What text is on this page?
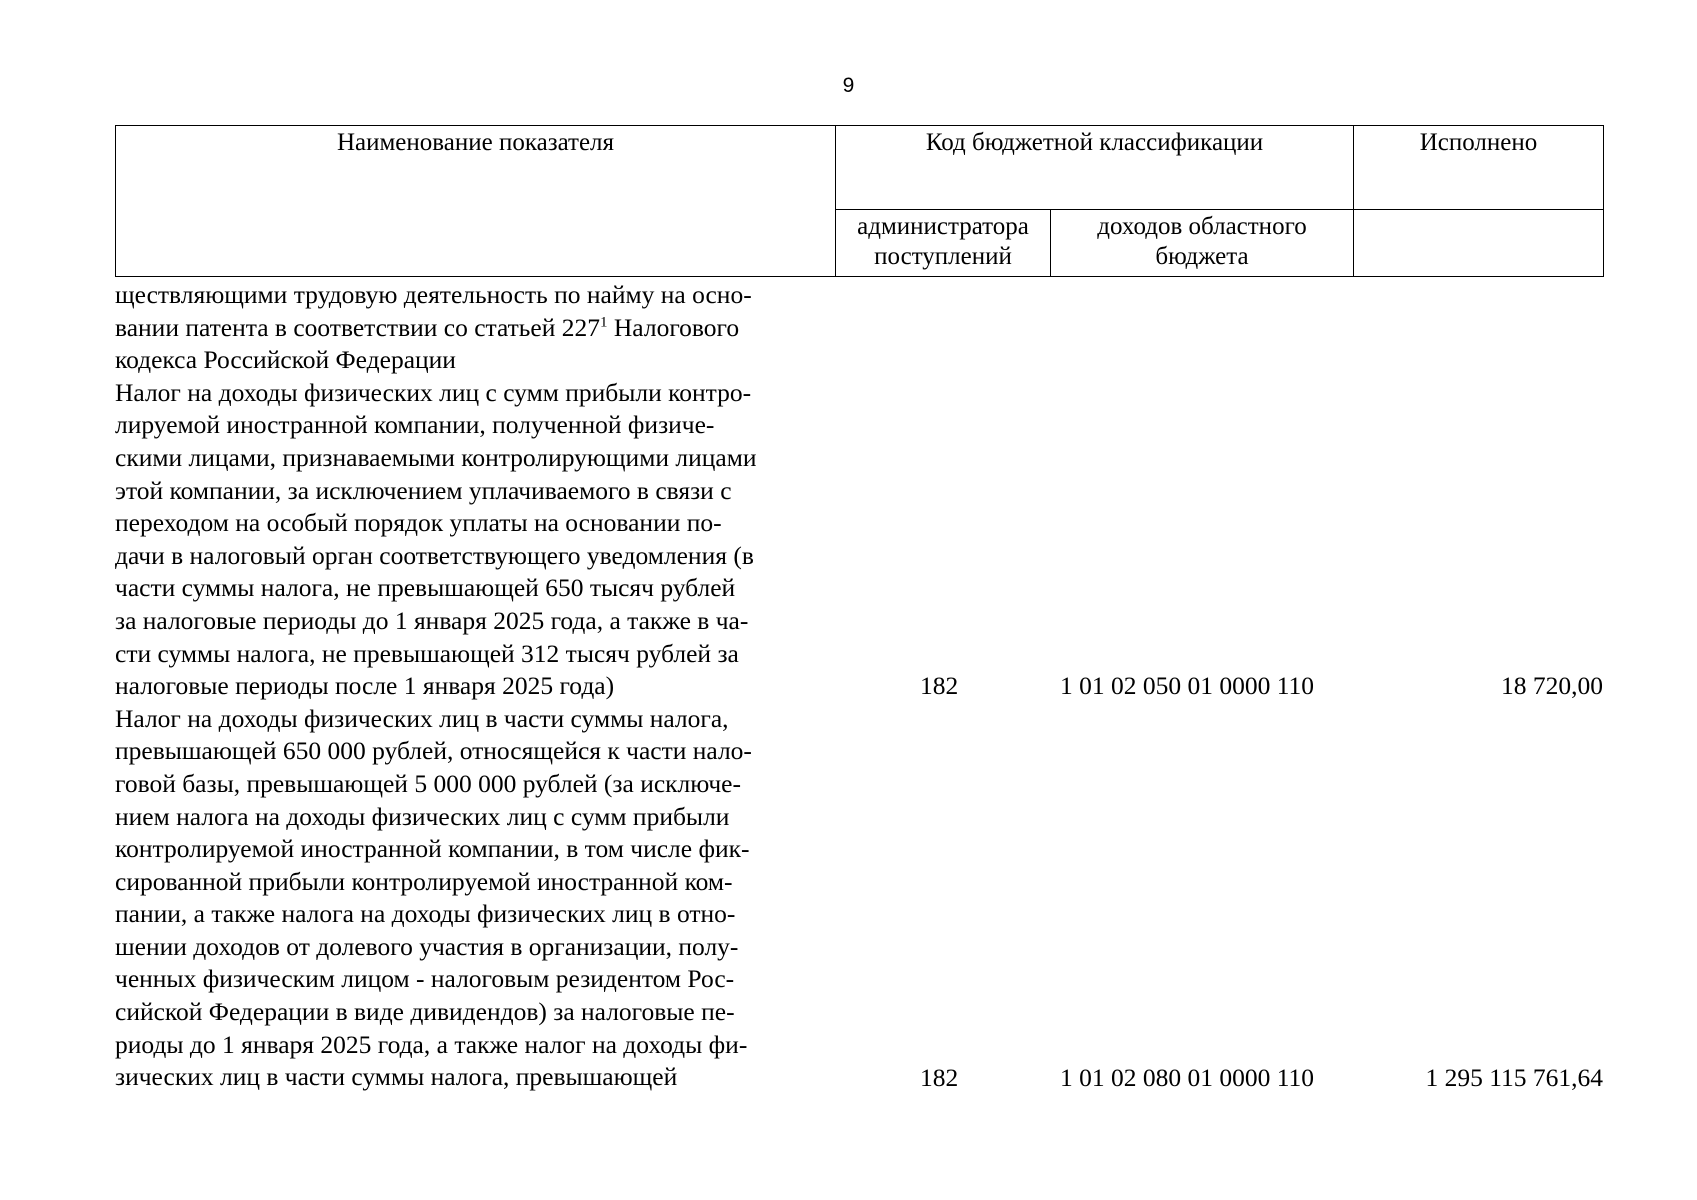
9
Наименование показателя	Код бюджетной классификации		Исполнено
	администратора поступлений	доходов областного бюджета	
ществляющими трудовую деятельность по найму на осно-
вании патента в соответствии со статьей $227^1$ Налогового
кодекса Российской Федерации
Налог на доходы физических лиц с сумм прибыли контро-
лируемой иностранной компании, полученной физиче-
скими лицами, признаваемыми контролирующими лицами
этой компании, за исключением уплачиваемого в связи с
переходом на особый порядок уплаты на основании по-
дачи в налоговый орган соответствующего уведомления (в
части суммы налога, не превышающей 650 тысяч рублей
за налоговые периоды до 1 января 2025 года, а также в ча-
сти суммы налога, не превышающей 312 тысяч рублей за
налоговые периоды после 1 января 2025 года)
Налог на доходы физических лиц в части суммы налога,
превышающей 650 000 рублей, относящейся к части нало-
говой базы, превышающей 5 000 000 рублей (за исключе-
нием налога на доходы физических лиц с сумм прибыли
контролируемой иностранной компании, в том числе фик-
сированной прибыли контролируемой иностранной ком-
пании, а также налога на доходы физических лиц в отно-
шении доходов от долевого участия в организации, полу-
ченных физическим лицом - налоговым резидентом Рос-
сийской Федерации в виде дивидендов) за налоговые пе-
риоды до 1 января 2025 года, а также налог на доходы фи-
зических лиц в части суммы налога, превышающей
182	1 01 02 050 01 0000 110	18 720,00
182	1 01 02 080 01 0000 110	1 295 115 761,64
